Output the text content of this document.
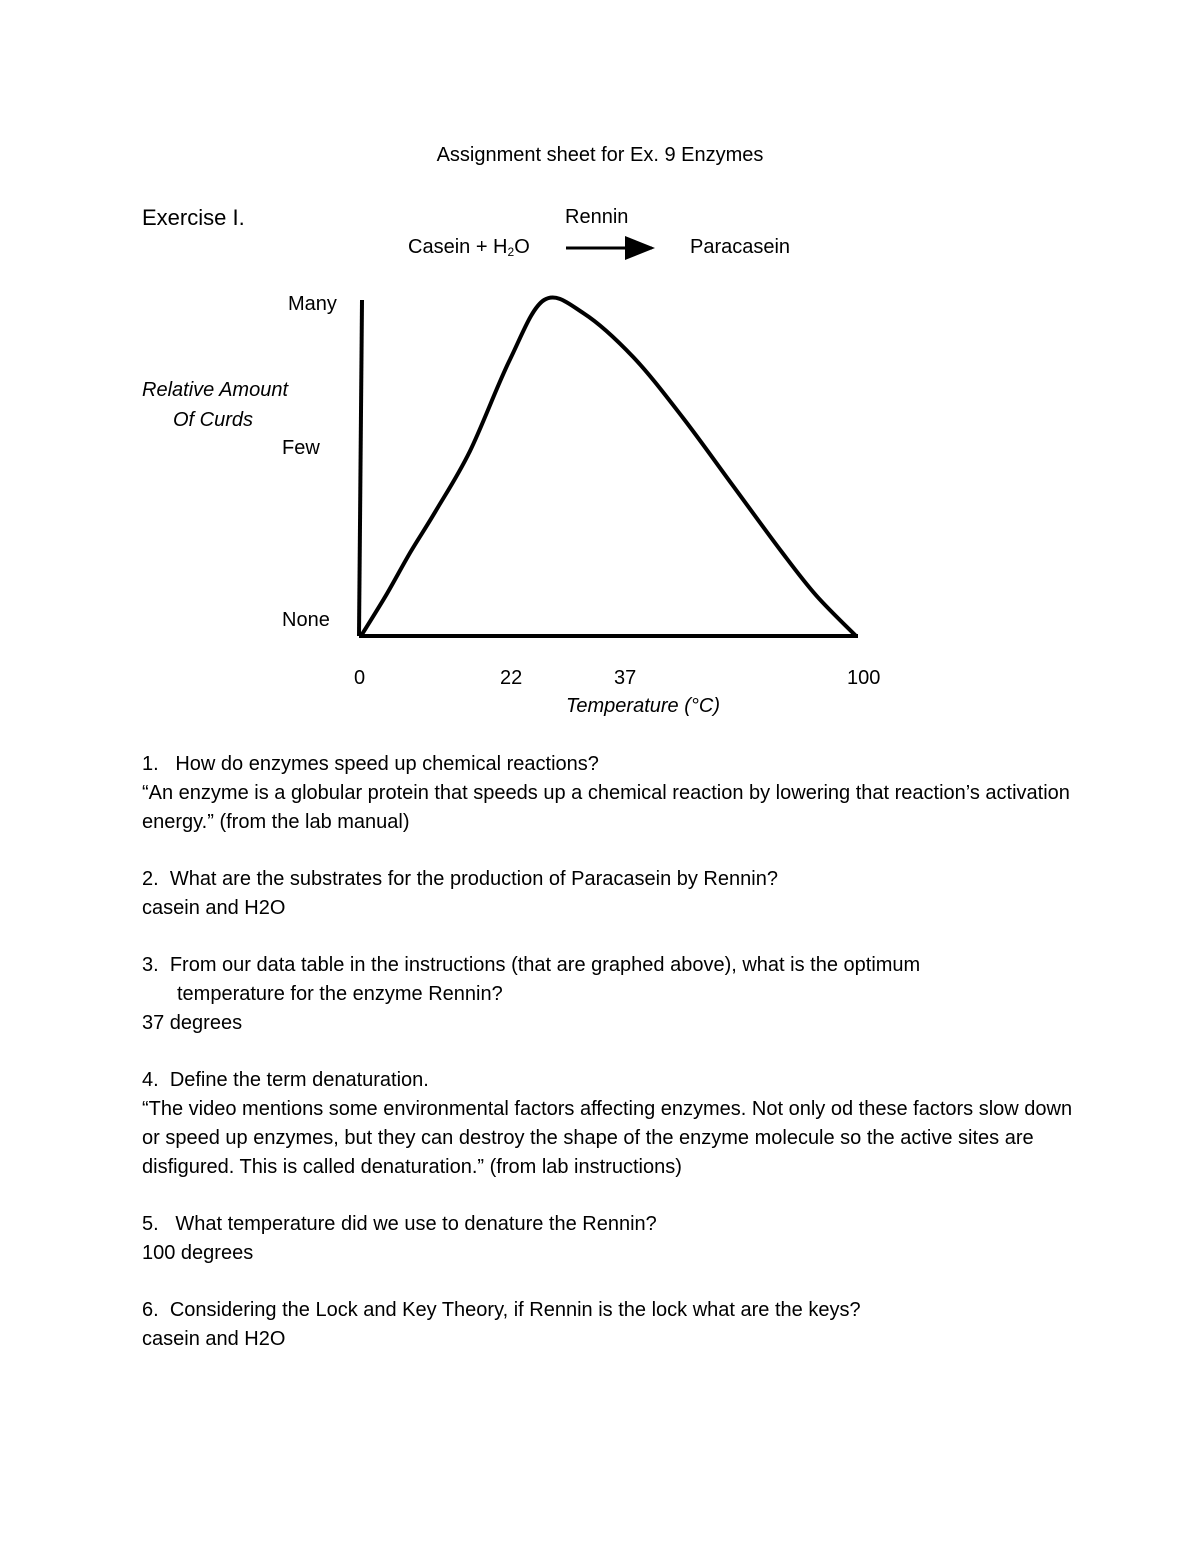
Assignment sheet for Ex. 9 Enzymes
Exercise I.	Rennin
Casein + $H_2O$	Paracasein
Many
Relative Amount
Of Curds
Few
None
0	22	37	100
Temperature (°C)

1. How do enzymes speed up chemical reactions?

“An enzyme is a globular protein that speeds up a chemical reaction by lowering that reaction’s activation energy.” (from the lab manual)

2. What are the substrates for the production of Paracasein by Rennin?

casein and H2O

3. From our data table in the instructions (that are graphed above), what is the optimum

temperature for the enzyme Rennin?

37 degrees

4. Define the term denaturation.

“The video mentions some environmental factors affecting enzymes. Not only od these factors slow down or speed up enzymes, but they can destroy the shape of the enzyme molecule so the active sites are disfigured. This is called denaturation.” (from lab instructions)

5. What temperature did we use to denature the Rennin?

100 degrees

6. Considering the Lock and Key Theory, if Rennin is the lock what are the keys?

casein and H2O
